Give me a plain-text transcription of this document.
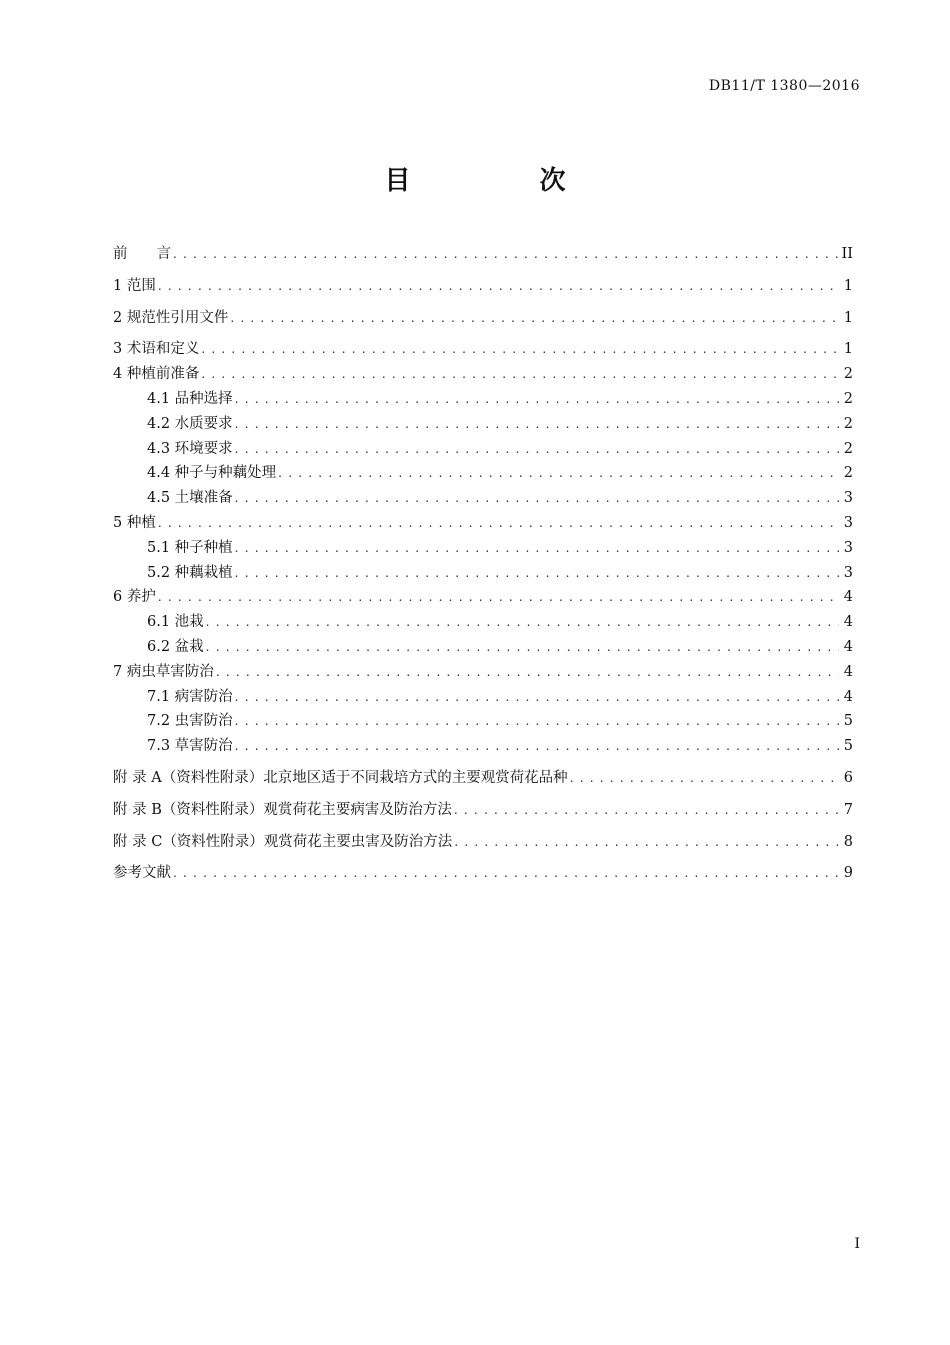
DB11/T 1380—2016
目 次
前　　言 . . .	II
1 范围 . . .	1
2 规范性引用文件 . . .	1
3 术语和定义 . . .	1
4 种植前准备 . . .	2
4.1 品种选择 . . .	2
4.2 水质要求 . . .	2
4.3 环境要求 . . .	2
4.4 种子与种藕处理 . . .	2
4.5 土壤准备 . . .	3
5 种植 . . .	3
5.1 种子种植 . . .	3
5.2 种藕栽植 . . .	3
6 养护 . . .	4
6.1 池栽 . . .	4
6.2 盆栽 . . .	4
7 病虫草害防治 . . .	4
7.1 病害防治 . . .	4
7.2 虫害防治 . . .	5
7.3 草害防治 . . .	5
附 录 A（资料性附录）北京地区适于不同栽培方式的主要观赏荷花品种 . . .	6
附 录 B（资料性附录）观赏荷花主要病害及防治方法 . . .	7
附 录 C（资料性附录）观赏荷花主要虫害及防治方法 . . .	8
参考文献 . . .	9
I
